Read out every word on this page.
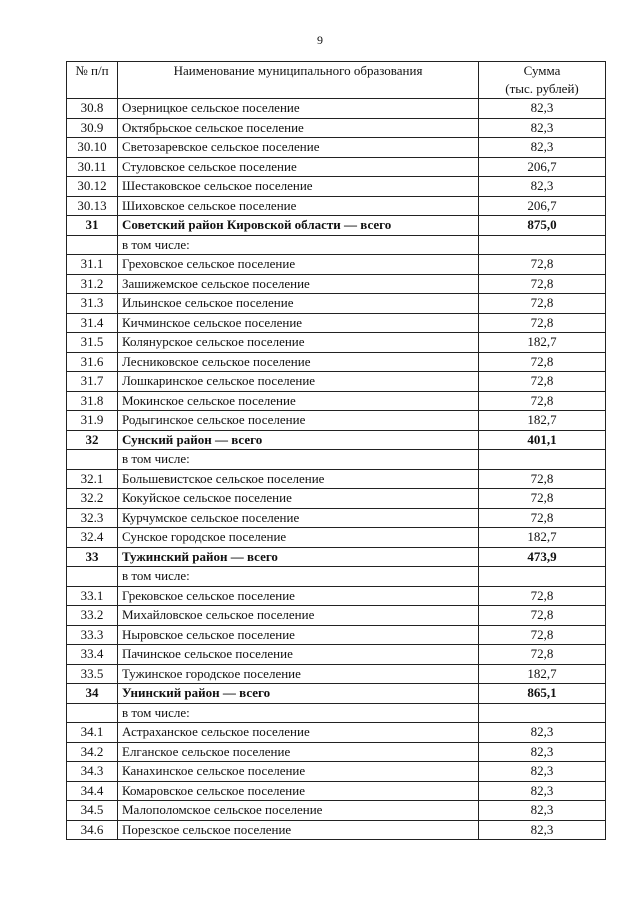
9
№ п/п	Наименование муниципального образования	Сумма
(тыс. рублей)
30.8	Озерницкое сельское поселение	82,3
30.9	Октябрьское сельское поселение	82,3
30.10	Светозаревское сельское поселение	82,3
30.11	Стуловское сельское поселение	206,7
30.12	Шестаковское сельское поселение	82,3
30.13	Шиховское сельское поселение	206,7
31	Советский район Кировской области — всего	875,0
	в том числе:	
31.1	Греховское сельское поселение	72,8
31.2	Зашижемское сельское поселение	72,8
31.3	Ильинское сельское поселение	72,8
31.4	Кичминское сельское поселение	72,8
31.5	Колянурское сельское поселение	182,7
31.6	Лесниковское сельское поселение	72,8
31.7	Лошкаринское сельское поселение	72,8
31.8	Мокинское сельское поселение	72,8
31.9	Родыгинское сельское поселение	182,7
32	Сунский район — всего	401,1
	в том числе:	
32.1	Большевистское сельское поселение	72,8
32.2	Кокуйское сельское поселение	72,8
32.3	Курчумское сельское поселение	72,8
32.4	Сунское городское поселение	182,7
33	Тужинский район — всего	473,9
	в том числе:	
33.1	Грековское сельское поселение	72,8
33.2	Михайловское сельское поселение	72,8
33.3	Ныровское сельское поселение	72,8
33.4	Пачинское сельское поселение	72,8
33.5	Тужинское городское поселение	182,7
34	Унинский район — всего	865,1
	в том числе:	
34.1	Астраханское сельское поселение	82,3
34.2	Елганское сельское поселение	82,3
34.3	Канахинское сельское поселение	82,3
34.4	Комаровское сельское поселение	82,3
34.5	Малополомское сельское поселение	82,3
34.6	Порезское сельское поселение	82,3
